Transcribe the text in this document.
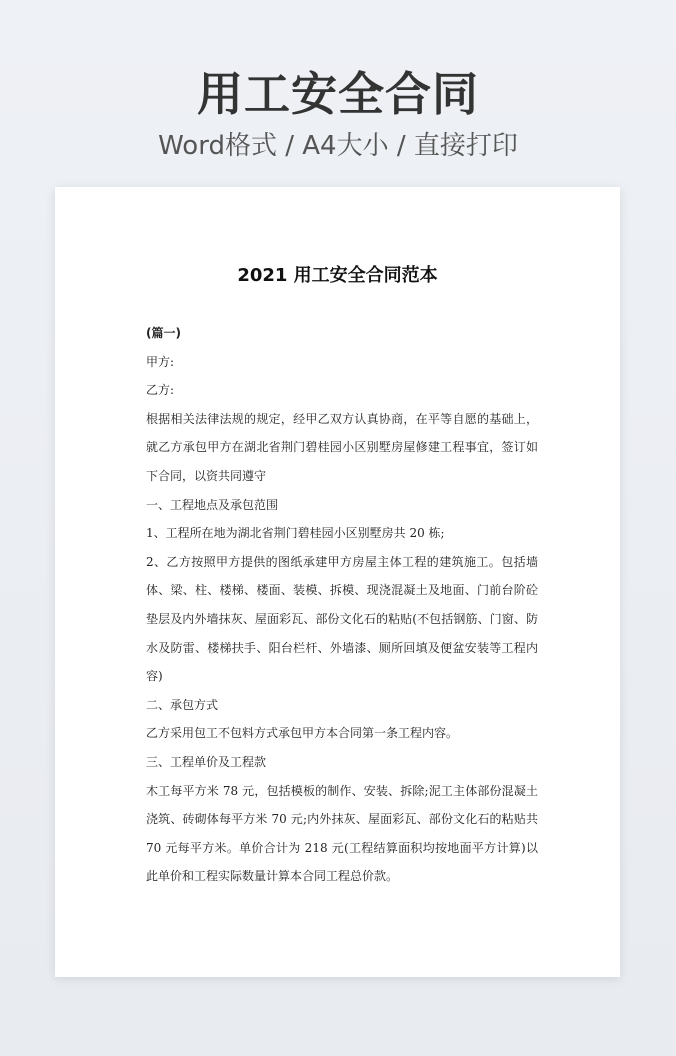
用工安全合同
Word格式 / A4大小 / 直接打印
2021 用工安全合同范本

(篇一)

甲方:

乙方:

根据相关法律法规的规定，经甲乙双方认真协商，在平等自愿的基础上，就乙方承包甲方在湖北省荆门碧桂园小区别墅房屋修建工程事宜，签订如下合同，以资共同遵守

一、工程地点及承包范围

1、工程所在地为湖北省荆门碧桂园小区别墅房共 20 栋;

2、乙方按照甲方提供的图纸承建甲方房屋主体工程的建筑施工。包括墙体、梁、柱、楼梯、楼面、装模、拆模、现浇混凝土及地面、门前台阶砼垫层及内外墙抹灰、屋面彩瓦、部份文化石的粘贴(不包括钢筋、门窗、防水及防雷、楼梯扶手、阳台栏杆、外墙漆、厕所回填及便盆安装等工程内容)

二、承包方式

乙方采用包工不包料方式承包甲方本合同第一条工程内容。

三、工程单价及工程款

木工每平方米 78 元，包括模板的制作、安装、拆除;泥工主体部份混凝土浇筑、砖砌体每平方米 70 元;内外抹灰、屋面彩瓦、部份文化石的粘贴共 70 元每平方米。单价合计为 218 元(工程结算面积均按地面平方计算)以此单价和工程实际数量计算本合同工程总价款。
